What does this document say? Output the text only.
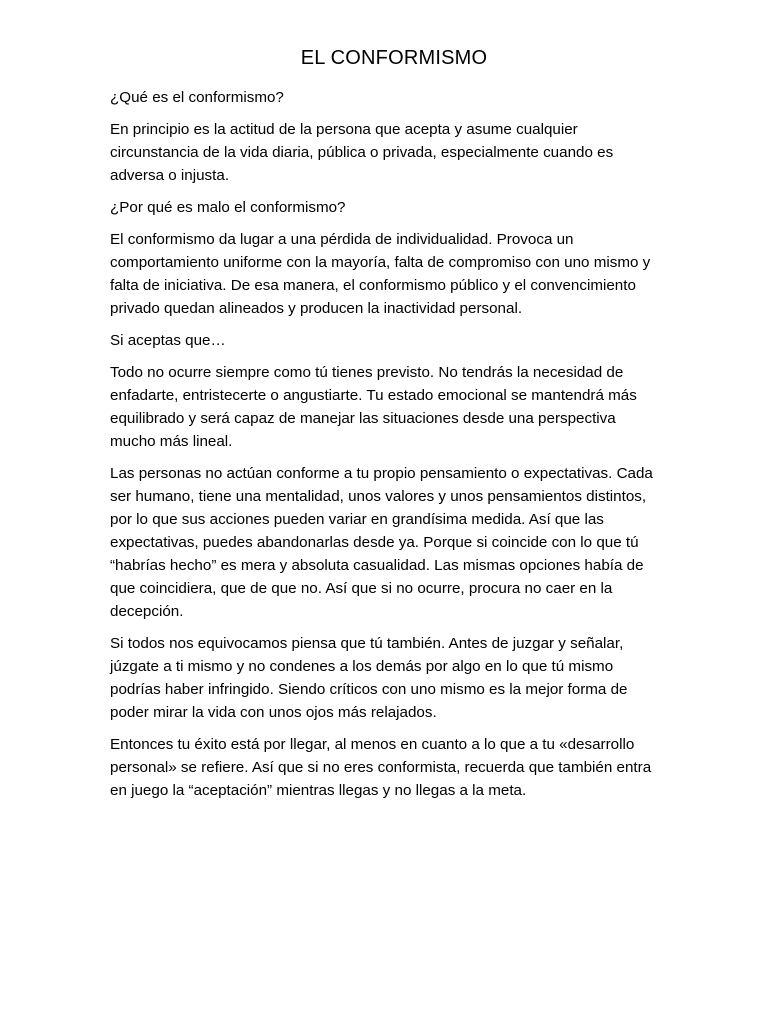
EL CONFORMISMO

¿Qué es el conformismo?

En principio es la actitud de la persona que acepta y asume cualquier circunstancia de la vida diaria, pública o privada, especialmente cuando es adversa o injusta.

¿Por qué es malo el conformismo?

El conformismo da lugar a una pérdida de individualidad. Provoca un comportamiento uniforme con la mayoría, falta de compromiso con uno mismo y falta de iniciativa. De esa manera, el conformismo público y el convencimiento privado quedan alineados y producen la inactividad personal.

Si aceptas que…

Todo no ocurre siempre como tú tienes previsto. No tendrás la necesidad de enfadarte, entristecerte o angustiarte. Tu estado emocional se mantendrá más equilibrado y será capaz de manejar las situaciones desde una perspectiva mucho más lineal.

Las personas no actúan conforme a tu propio pensamiento o expectativas. Cada ser humano, tiene una mentalidad, unos valores y unos pensamientos distintos, por lo que sus acciones pueden variar en grandísima medida. Así que las expectativas, puedes abandonarlas desde ya. Porque si coincide con lo que tú “habrías hecho” es mera y absoluta casualidad. Las mismas opciones había de que coincidiera, que de que no. Así que si no ocurre, procura no caer en la decepción.

Si todos nos equivocamos piensa que tú también. Antes de juzgar y señalar, júzgate a ti mismo y no condenes a los demás por algo en lo que tú mismo podrías haber infringido. Siendo críticos con uno mismo es la mejor forma de poder mirar la vida con unos ojos más relajados.

Entonces tu éxito está por llegar, al menos en cuanto a lo que a tu «desarrollo personal» se refiere. Así que si no eres conformista, recuerda que también entra en juego la “aceptación” mientras llegas y no llegas a la meta.
